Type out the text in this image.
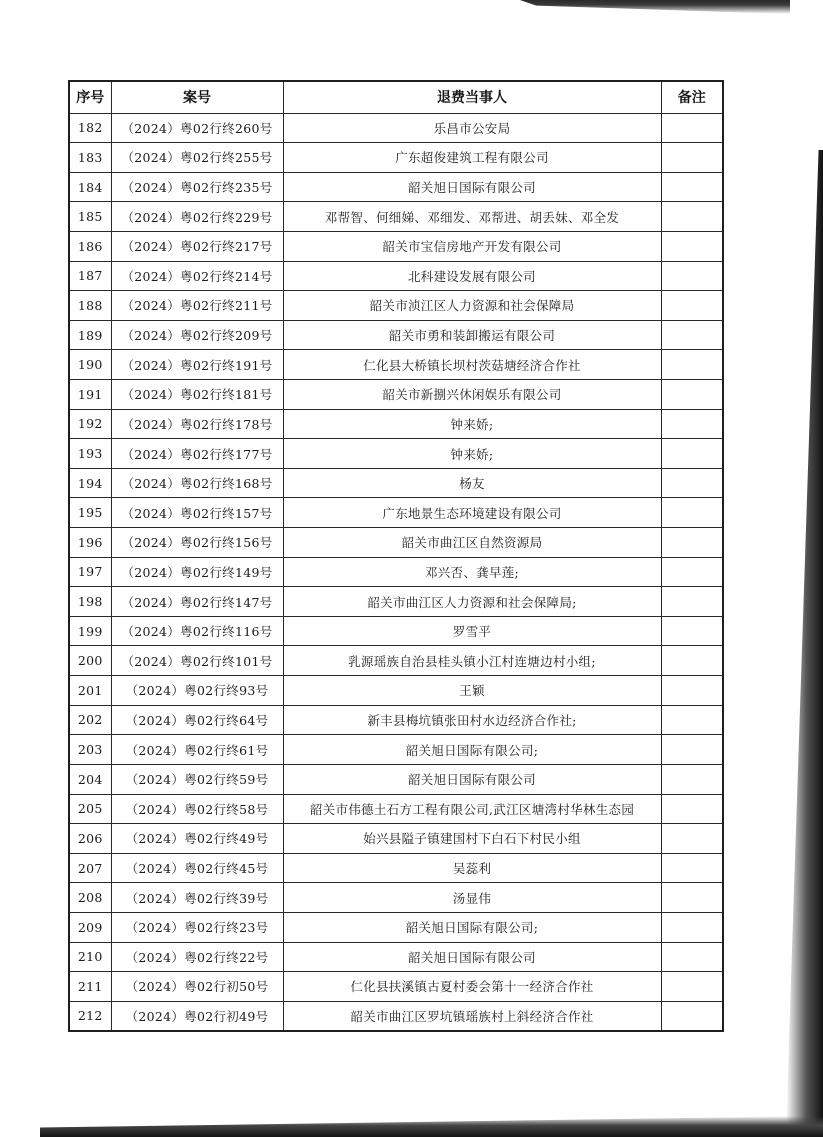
序号	案号	退费当事人	备注
182	（2024）粤02行终260号	乐昌市公安局	
183	（2024）粤02行终255号	广东超俊建筑工程有限公司	
184	（2024）粤02行终235号	韶关旭日国际有限公司	
185	（2024）粤02行终229号	邓帮智、何细娣、邓细发、邓帮进、胡丢妹、邓全发	
186	（2024）粤02行终217号	韶关市宝信房地产开发有限公司	
187	（2024）粤02行终214号	北科建设发展有限公司	
188	（2024）粤02行终211号	韶关市浈江区人力资源和社会保障局	
189	（2024）粤02行终209号	韶关市勇和装卸搬运有限公司	
190	（2024）粤02行终191号	仁化县大桥镇长坝村茨菇塘经济合作社	
191	（2024）粤02行终181号	韶关市新捌兴休闲娱乐有限公司	
192	（2024）粤02行终178号	钟来娇;	
193	（2024）粤02行终177号	钟来娇;	
194	（2024）粤02行终168号	杨友	
195	（2024）粤02行终157号	广东地景生态环境建设有限公司	
196	（2024）粤02行终156号	韶关市曲江区自然资源局	
197	（2024）粤02行终149号	邓兴否、龚早莲;	
198	（2024）粤02行终147号	韶关市曲江区人力资源和社会保障局;	
199	（2024）粤02行终116号	罗雪平	
200	（2024）粤02行终101号	乳源瑶族自治县桂头镇小江村连塘边村小组;	
201	（2024）粤02行终93号	王颖	
202	（2024）粤02行终64号	新丰县梅坑镇张田村水边经济合作社;	
203	（2024）粤02行终61号	韶关旭日国际有限公司;	
204	（2024）粤02行终59号	韶关旭日国际有限公司	
205	（2024）粤02行终58号	韶关市伟德土石方工程有限公司,武江区塘湾村华林生态园	
206	（2024）粤02行终49号	始兴县隘子镇建国村下白石下村民小组	
207	（2024）粤02行终45号	吴蕊利	
208	（2024）粤02行终39号	汤显伟	
209	（2024）粤02行终23号	韶关旭日国际有限公司;	
210	（2024）粤02行终22号	韶关旭日国际有限公司	
211	（2024）粤02行初50号	仁化县扶溪镇古夏村委会第十一经济合作社	
212	（2024）粤02行初49号	韶关市曲江区罗坑镇瑶族村上斜经济合作社	
